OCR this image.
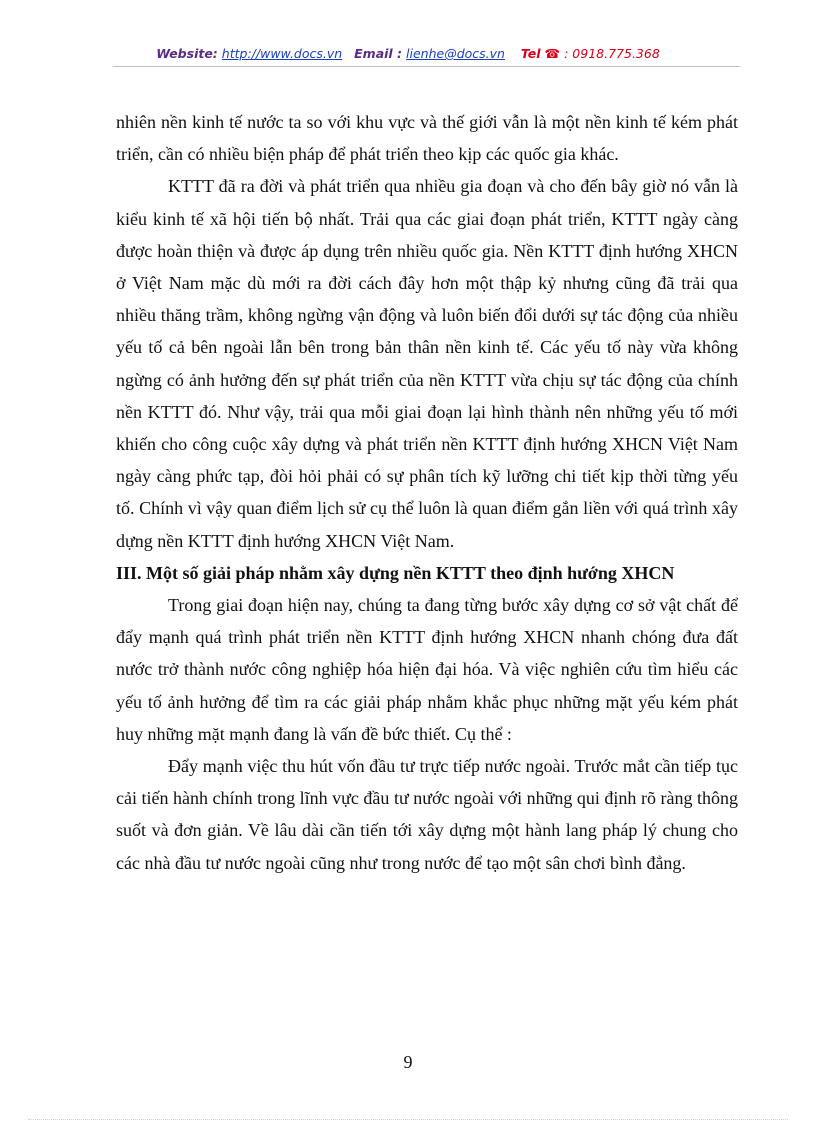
Website: http://www.docs.vn Email : lienhe@docs.vn Tel ☎ : 0918.775.368

nhiên nền kinh tế nước ta so với khu vực và thế giới vẫn là một nền kinh tế kém phát triển, cần có nhiều biện pháp để phát triển theo kịp các quốc gia khác.

KTTT đã ra đời và phát triển qua nhiều gia đoạn và cho đến bây giờ nó vẫn là kiểu kinh tế xã hội tiến bộ nhất. Trải qua các giai đoạn phát triển, KTTT ngày càng được hoàn thiện và được áp dụng trên nhiều quốc gia. Nền KTTT định hướng XHCN ở Việt Nam mặc dù mới ra đời cách đây hơn một thập kỷ nhưng cũng đã trải qua nhiều thăng trầm, không ngừng vận động và luôn biến đổi dưới sự tác động của nhiều yếu tố cả bên ngoài lẫn bên trong bản thân nền kinh tế. Các yếu tố này vừa không ngừng có ảnh hưởng đến sự phát triển của nền KTTT vừa chịu sự tác động của chính nền KTTT đó. Như vậy, trải qua mỗi giai đoạn lại hình thành nên những yếu tố mới khiến cho công cuộc xây dựng và phát triển nền KTTT định hướng XHCN Việt Nam ngày càng phức tạp, đòi hỏi phải có sự phân tích kỹ lưỡng chi tiết kịp thời từng yếu tố. Chính vì vậy quan điểm lịch sử cụ thể luôn là quan điểm gắn liền với quá trình xây dựng nền KTTT định hướng XHCN Việt Nam.

III. Một số giải pháp nhằm xây dựng nền KTTT theo định hướng XHCN

Trong giai đoạn hiện nay, chúng ta đang từng bước xây dựng cơ sở vật chất để đẩy mạnh quá trình phát triển nền KTTT định hướng XHCN nhanh chóng đưa đất nước trở thành nước công nghiệp hóa hiện đại hóa. Và việc nghiên cứu tìm hiểu các yếu tố ảnh hưởng để tìm ra các giải pháp nhằm khắc phục những mặt yếu kém phát huy những mặt mạnh đang là vấn đề bức thiết. Cụ thể :

Đẩy mạnh việc thu hút vốn đầu tư trực tiếp nước ngoài. Trước mắt cần tiếp tục cải tiến hành chính trong lĩnh vực đầu tư nước ngoài với những qui định rõ ràng thông suốt và đơn giản. Về lâu dài cần tiến tới xây dựng một hành lang pháp lý chung cho các nhà đầu tư nước ngoài cũng như trong nước để tạo một sân chơi bình đẳng.

9
